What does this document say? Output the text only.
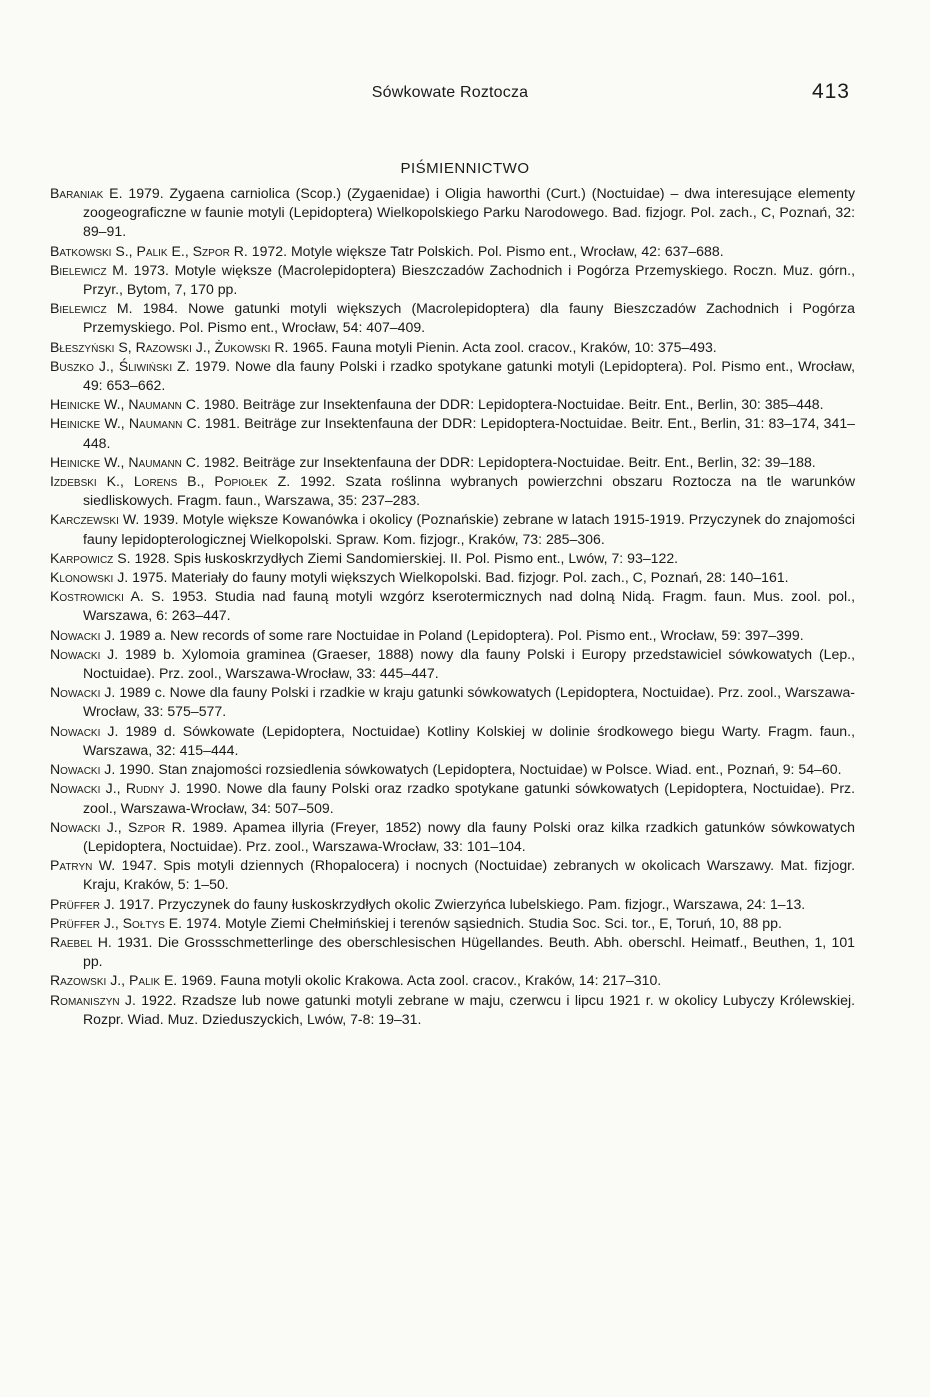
Sówkowate Roztocza	413
PIŚMIENNICTWO
Baraniak E. 1979. Zygaena carniolica (Scop.) (Zygaenidae) i Oligia haworthi (Curt.) (Noctuidae) – dwa interesujące elementy zoogeograficzne w faunie motyli (Lepidoptera) Wielkopolskiego Parku Narodowego. Bad. fizjogr. Pol. zach., C, Poznań, 32: 89–91.
Batkowski S., Palik E., Szpor R. 1972. Motyle większe Tatr Polskich. Pol. Pismo ent., Wrocław, 42: 637–688.
Bielewicz M. 1973. Motyle większe (Macrolepidoptera) Bieszczadów Zachodnich i Pogórza Przemyskiego. Roczn. Muz. górn., Przyr., Bytom, 7, 170 pp.
Bielewicz M. 1984. Nowe gatunki motyli większych (Macrolepidoptera) dla fauny Bieszczadów Zachodnich i Pogórza Przemyskiego. Pol. Pismo ent., Wrocław, 54: 407–409.
Błeszyński S, Razowski J., Żukowski R. 1965. Fauna motyli Pienin. Acta zool. cracov., Kraków, 10: 375–493.
Buszko J., Śliwiński Z. 1979. Nowe dla fauny Polski i rzadko spotykane gatunki motyli (Lepidoptera). Pol. Pismo ent., Wrocław, 49: 653–662.
Heinicke W., Naumann C. 1980. Beiträge zur Insektenfauna der DDR: Lepidoptera-Noctuidae. Beitr. Ent., Berlin, 30: 385–448.
Heinicke W., Naumann C. 1981. Beiträge zur Insektenfauna der DDR: Lepidoptera-Noctuidae. Beitr. Ent., Berlin, 31: 83–174, 341–448.
Heinicke W., Naumann C. 1982. Beiträge zur Insektenfauna der DDR: Lepidoptera-Noctuidae. Beitr. Ent., Berlin, 32: 39–188.
Izdebski K., Lorens B., Popiołek Z. 1992. Szata roślinna wybranych powierzchni obszaru Roztocza na tle warunków siedliskowych. Fragm. faun., Warszawa, 35: 237–283.
Karczewski W. 1939. Motyle większe Kowanówka i okolicy (Poznańskie) zebrane w latach 1915-1919. Przyczynek do znajomości fauny lepidopterologicznej Wielkopolski. Spraw. Kom. fizjogr., Kraków, 73: 285–306.
Karpowicz S. 1928. Spis łuskoskrzydłych Ziemi Sandomierskiej. II. Pol. Pismo ent., Lwów, 7: 93–122.
Klonowski J. 1975. Materiały do fauny motyli większych Wielkopolski. Bad. fizjogr. Pol. zach., C, Poznań, 28: 140–161.
Kostrowicki A. S. 1953. Studia nad fauną motyli wzgórz kserotermicznych nad dolną Nidą. Fragm. faun. Mus. zool. pol., Warszawa, 6: 263–447.
Nowacki J. 1989 a. New records of some rare Noctuidae in Poland (Lepidoptera). Pol. Pismo ent., Wrocław, 59: 397–399.
Nowacki J. 1989 b. Xylomoia graminea (Graeser, 1888) nowy dla fauny Polski i Europy przedstawiciel sówkowatych (Lep., Noctuidae). Prz. zool., Warszawa-Wrocław, 33: 445–447.
Nowacki J. 1989 c. Nowe dla fauny Polski i rzadkie w kraju gatunki sówkowatych (Lepidoptera, Noctuidae). Prz. zool., Warszawa-Wrocław, 33: 575–577.
Nowacki J. 1989 d. Sówkowate (Lepidoptera, Noctuidae) Kotliny Kolskiej w dolinie środkowego biegu Warty. Fragm. faun., Warszawa, 32: 415–444.
Nowacki J. 1990. Stan znajomości rozsiedlenia sówkowatych (Lepidoptera, Noctuidae) w Polsce. Wiad. ent., Poznań, 9: 54–60.
Nowacki J., Rudny J. 1990. Nowe dla fauny Polski oraz rzadko spotykane gatunki sówkowatych (Lepidoptera, Noctuidae). Prz. zool., Warszawa-Wrocław, 34: 507–509.
Nowacki J., Szpor R. 1989. Apamea illyria (Freyer, 1852) nowy dla fauny Polski oraz kilka rzadkich gatunków sówkowatych (Lepidoptera, Noctuidae). Prz. zool., Warszawa-Wrocław, 33: 101–104.
Patryn W. 1947. Spis motyli dziennych (Rhopalocera) i nocnych (Noctuidae) zebranych w okolicach Warszawy. Mat. fizjogr. Kraju, Kraków, 5: 1–50.
Prüffer J. 1917. Przyczynek do fauny łuskoskrzydłych okolic Zwierzyńca lubelskiego. Pam. fizjogr., Warszawa, 24: 1–13.
Prüffer J., Sołtys E. 1974. Motyle Ziemi Chełmińskiej i terenów sąsiednich. Studia Soc. Sci. tor., E, Toruń, 10, 88 pp.
Raebel H. 1931. Die Grossschmetterlinge des oberschlesischen Hügellandes. Beuth. Abh. oberschl. Heimatf., Beuthen, 1, 101 pp.
Razowski J., Palik E. 1969. Fauna motyli okolic Krakowa. Acta zool. cracov., Kraków, 14: 217–310.
Romaniszyn J. 1922. Rzadsze lub nowe gatunki motyli zebrane w maju, czerwcu i lipcu 1921 r. w okolicy Lubyczy Królewskiej. Rozpr. Wiad. Muz. Dzieduszyckich, Lwów, 7-8: 19–31.
